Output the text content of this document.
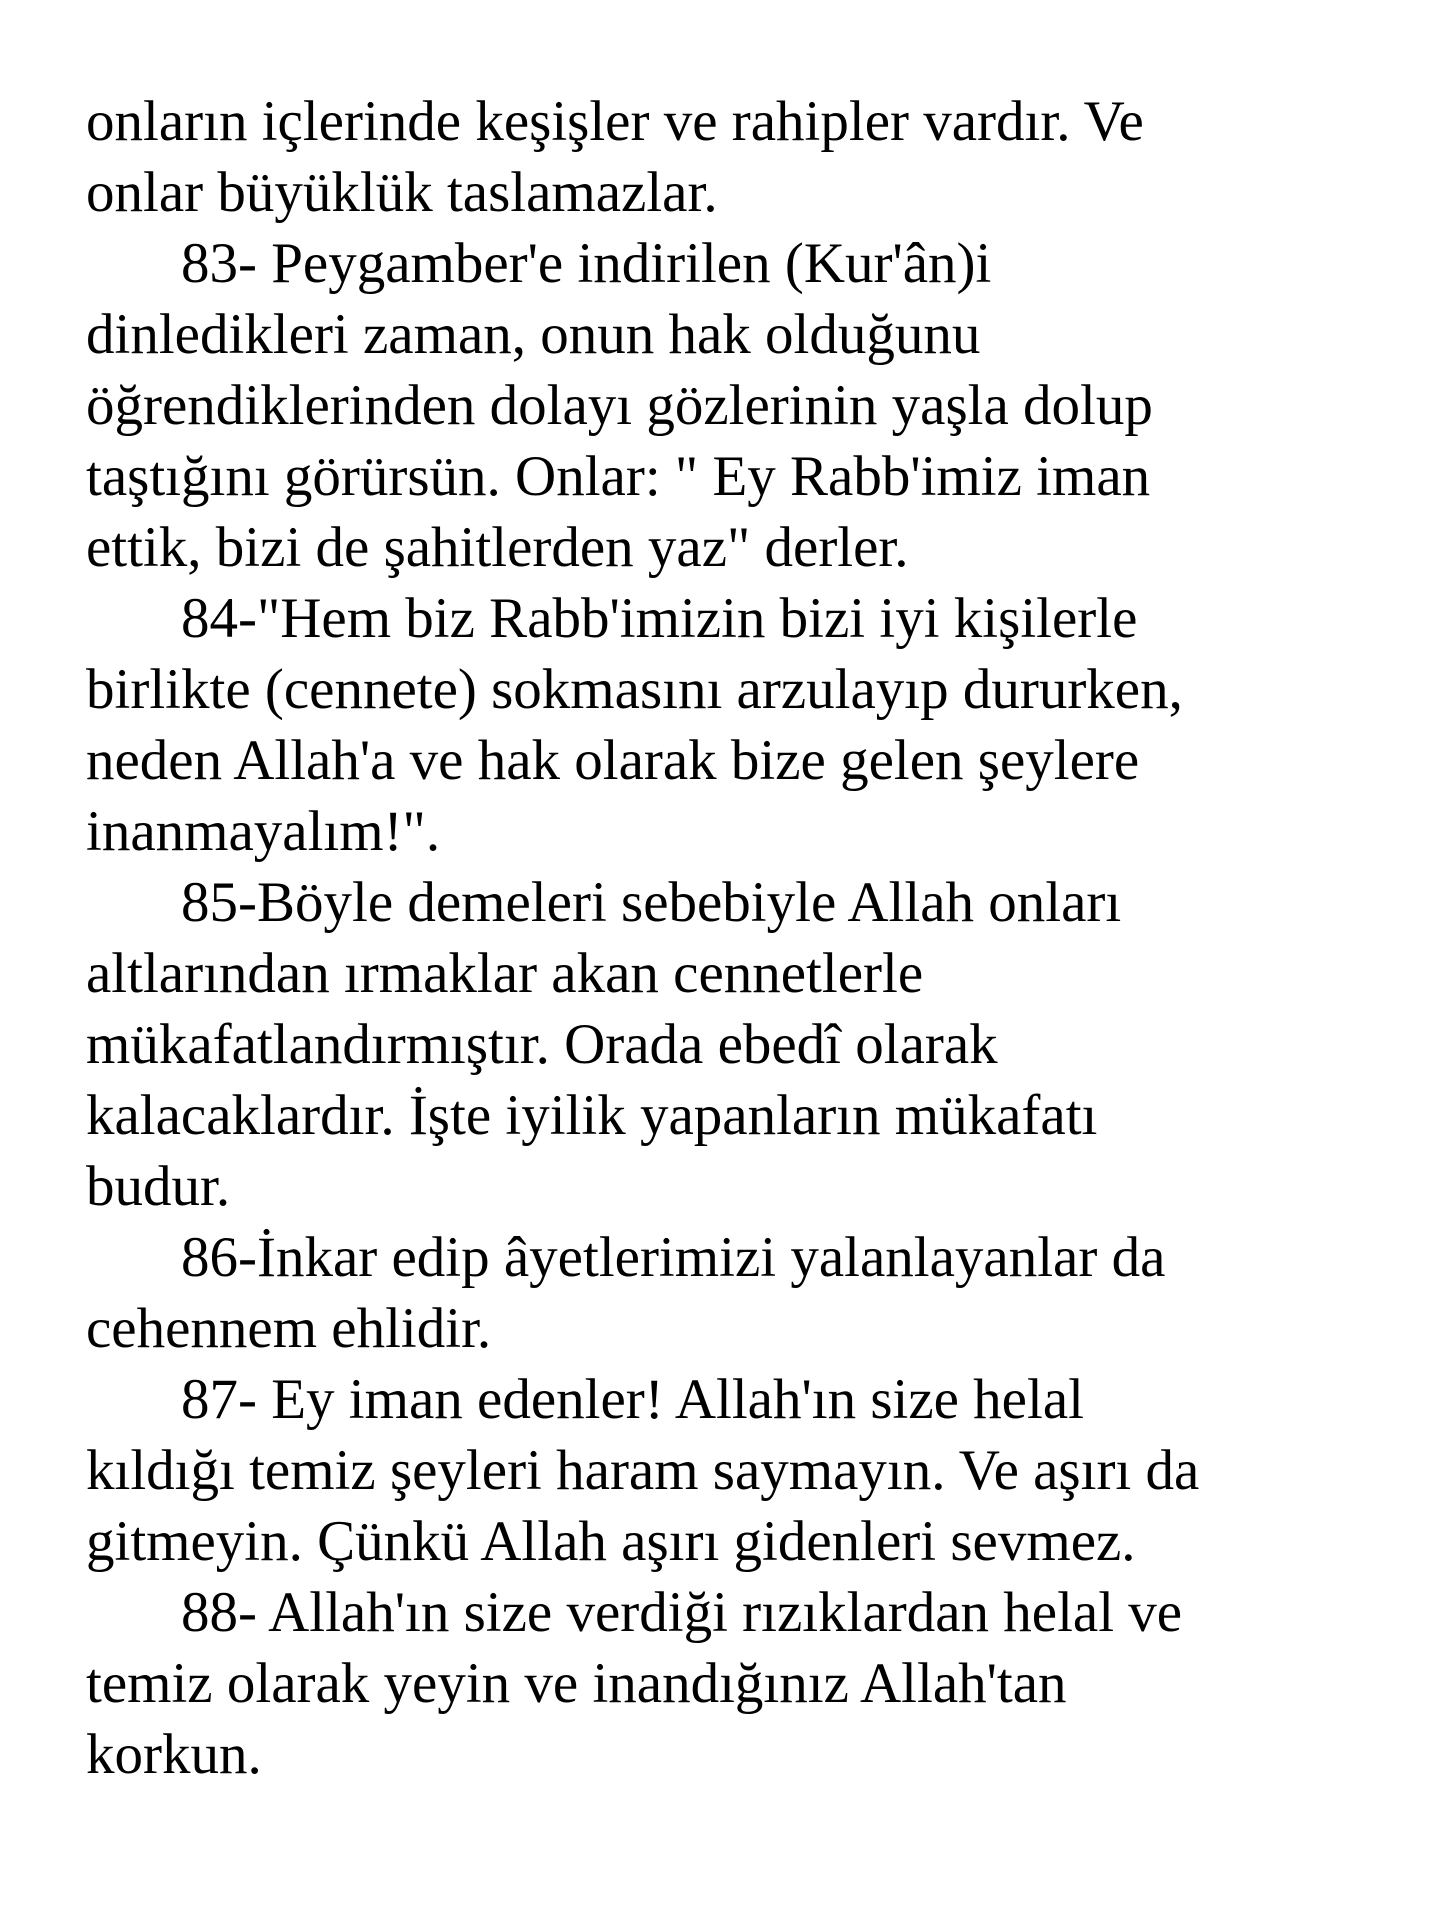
onların içlerinde keşişler ve rahipler vardır. Ve
onlar büyüklük taslamazlar.

83- Peygamber'e indirilen (Kur'ân)i
dinledikleri zaman, onun hak olduğunu
öğrendiklerinden dolayı gözlerinin yaşla dolup
taştığını görürsün. Onlar: " Ey Rabb'imiz iman
ettik, bizi de şahitlerden yaz" derler.

84-"Hem biz Rabb'imizin bizi iyi kişilerle
birlikte (cennete) sokmasını arzulayıp dururken,
neden Allah'a ve hak olarak bize gelen şeylere
inanmayalım!".

85-Böyle demeleri sebebiyle Allah onları
altlarından ırmaklar akan cennetlerle
mükafatlandırmıştır. Orada ebedî olarak
kalacaklardır. İşte iyilik yapanların mükafatı
budur.

86-İnkar edip âyetlerimizi yalanlayanlar da
cehennem ehlidir.

87- Ey iman edenler! Allah'ın size helal
kıldığı temiz şeyleri haram saymayın. Ve aşırı da
gitmeyin. Çünkü Allah aşırı gidenleri sevmez.

88- Allah'ın size verdiği rızıklardan helal ve
temiz olarak yeyin ve inandığınız Allah'tan
korkun.
